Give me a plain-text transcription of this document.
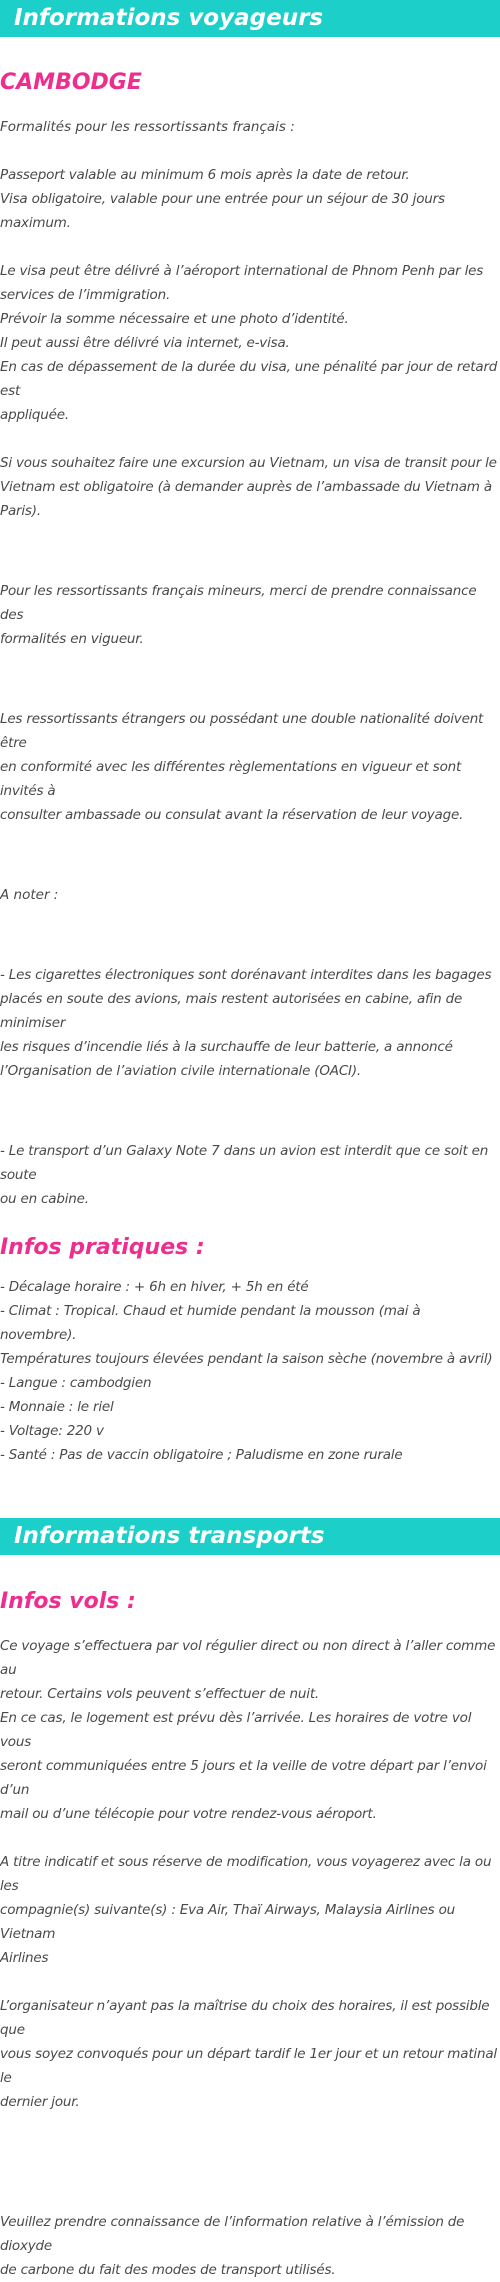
Informations voyageurs
CAMBODGE

Formalités pour les ressortissants français :

Passeport valable au minimum 6 mois après la date de retour.
Visa obligatoire, valable pour une entrée pour un séjour de 30 jours maximum.

Le visa peut être délivré à l’aéroport international de Phnom Penh par les
services de l’immigration.
Prévoir la somme nécessaire et une photo d’identité.
Il peut aussi être délivré via internet, e-visa.
En cas de dépassement de la durée du visa, une pénalité par jour de retard est
appliquée.

Si vous souhaitez faire une excursion au Vietnam, un visa de transit pour le
Vietnam est obligatoire (à demander auprès de l’ambassade du Vietnam à
Paris).

Pour les ressortissants français mineurs, merci de prendre connaissance des
formalités en vigueur.

Les ressortissants étrangers ou possédant une double nationalité doivent être
en conformité avec les différentes règlementations en vigueur et sont invités à
consulter ambassade ou consulat avant la réservation de leur voyage.

A noter :

- Les cigarettes électroniques sont dorénavant interdites dans les bagages
placés en soute des avions, mais restent autorisées en cabine, afin de minimiser
les risques d’incendie liés à la surchauffe de leur batterie, a annoncé
l’Organisation de l’aviation civile internationale (OACI).

- Le transport d’un Galaxy Note 7 dans un avion est interdit que ce soit en soute
ou en cabine.

Infos pratiques :

- Décalage horaire : + 6h en hiver, + 5h en été
- Climat : Tropical. Chaud et humide pendant la mousson (mai à novembre).
Températures toujours élevées pendant la saison sèche (novembre à avril)
- Langue : cambodgien
- Monnaie : le riel
- Voltage: 220 v
- Santé : Pas de vaccin obligatoire ; Paludisme en zone rurale

Informations transports
Infos vols :

Ce voyage s’effectuera par vol régulier direct ou non direct à l’aller comme au
retour. Certains vols peuvent s’effectuer de nuit.
En ce cas, le logement est prévu dès l’arrivée. Les horaires de votre vol vous
seront communiquées entre 5 jours et la veille de votre départ par l’envoi d’un
mail ou d’une télécopie pour votre rendez-vous aéroport.

A titre indicatif et sous réserve de modification, vous voyagerez avec la ou les
compagnie(s) suivante(s) : Eva Air, Thaï Airways, Malaysia Airlines ou Vietnam
Airlines

L’organisateur n’ayant pas la maîtrise du choix des horaires, il est possible que
vous soyez convoqués pour un départ tardif le 1er jour et un retour matinal le
dernier jour.

Veuillez prendre connaissance de l’information relative à l’émission de dioxyde
de carbone du fait des modes de transport utilisés.
